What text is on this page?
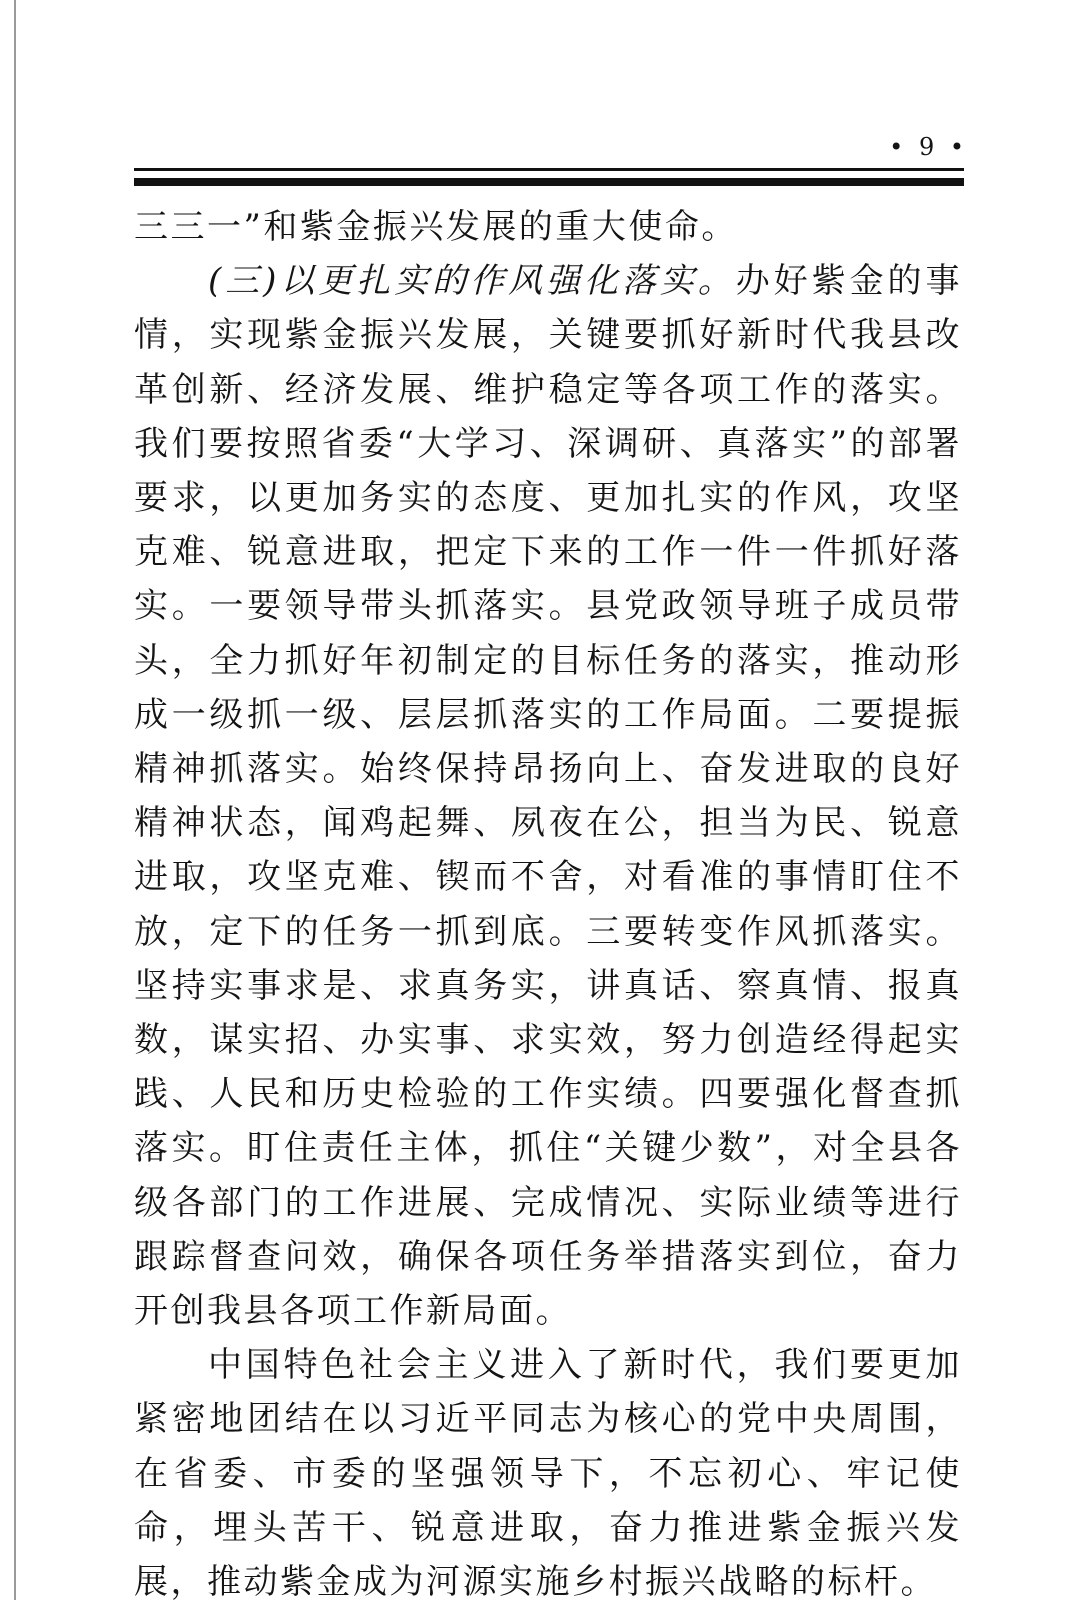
• 9 •

三三一”和紫金振兴发展的重大使命。

(三)以更扎实的作风强化落实。办好紫金的事情，实现紫金振兴发展，关键要抓好新时代我县改革创新、经济发展、维护稳定等各项工作的落实。我们要按照省委“大学习、深调研、真落实”的部署要求，以更加务实的态度、更加扎实的作风，攻坚克难、锐意进取，把定下来的工作一件一件抓好落实。一要领导带头抓落实。县党政领导班子成员带头，全力抓好年初制定的目标任务的落实，推动形成一级抓一级、层层抓落实的工作局面。二要提振精神抓落实。始终保持昂扬向上、奋发进取的良好精神状态，闻鸡起舞、夙夜在公，担当为民、锐意进取，攻坚克难、锲而不舍，对看准的事情盯住不放，定下的任务一抓到底。三要转变作风抓落实。坚持实事求是、求真务实，讲真话、察真情、报真数，谋实招、办实事、求实效，努力创造经得起实践、人民和历史检验的工作实绩。四要强化督查抓落实。盯住责任主体，抓住“关键少数”，对全县各级各部门的工作进展、完成情况、实际业绩等进行跟踪督查问效，确保各项任务举措落实到位，奋力开创我县各项工作新局面。

中国特色社会主义进入了新时代，我们要更加紧密地团结在以习近平同志为核心的党中央周围，在省委、市委的坚强领导下，不忘初心、牢记使命，埋头苦干、锐意进取，奋力推进紫金振兴发展，推动紫金成为河源实施乡村振兴战略的标杆。
